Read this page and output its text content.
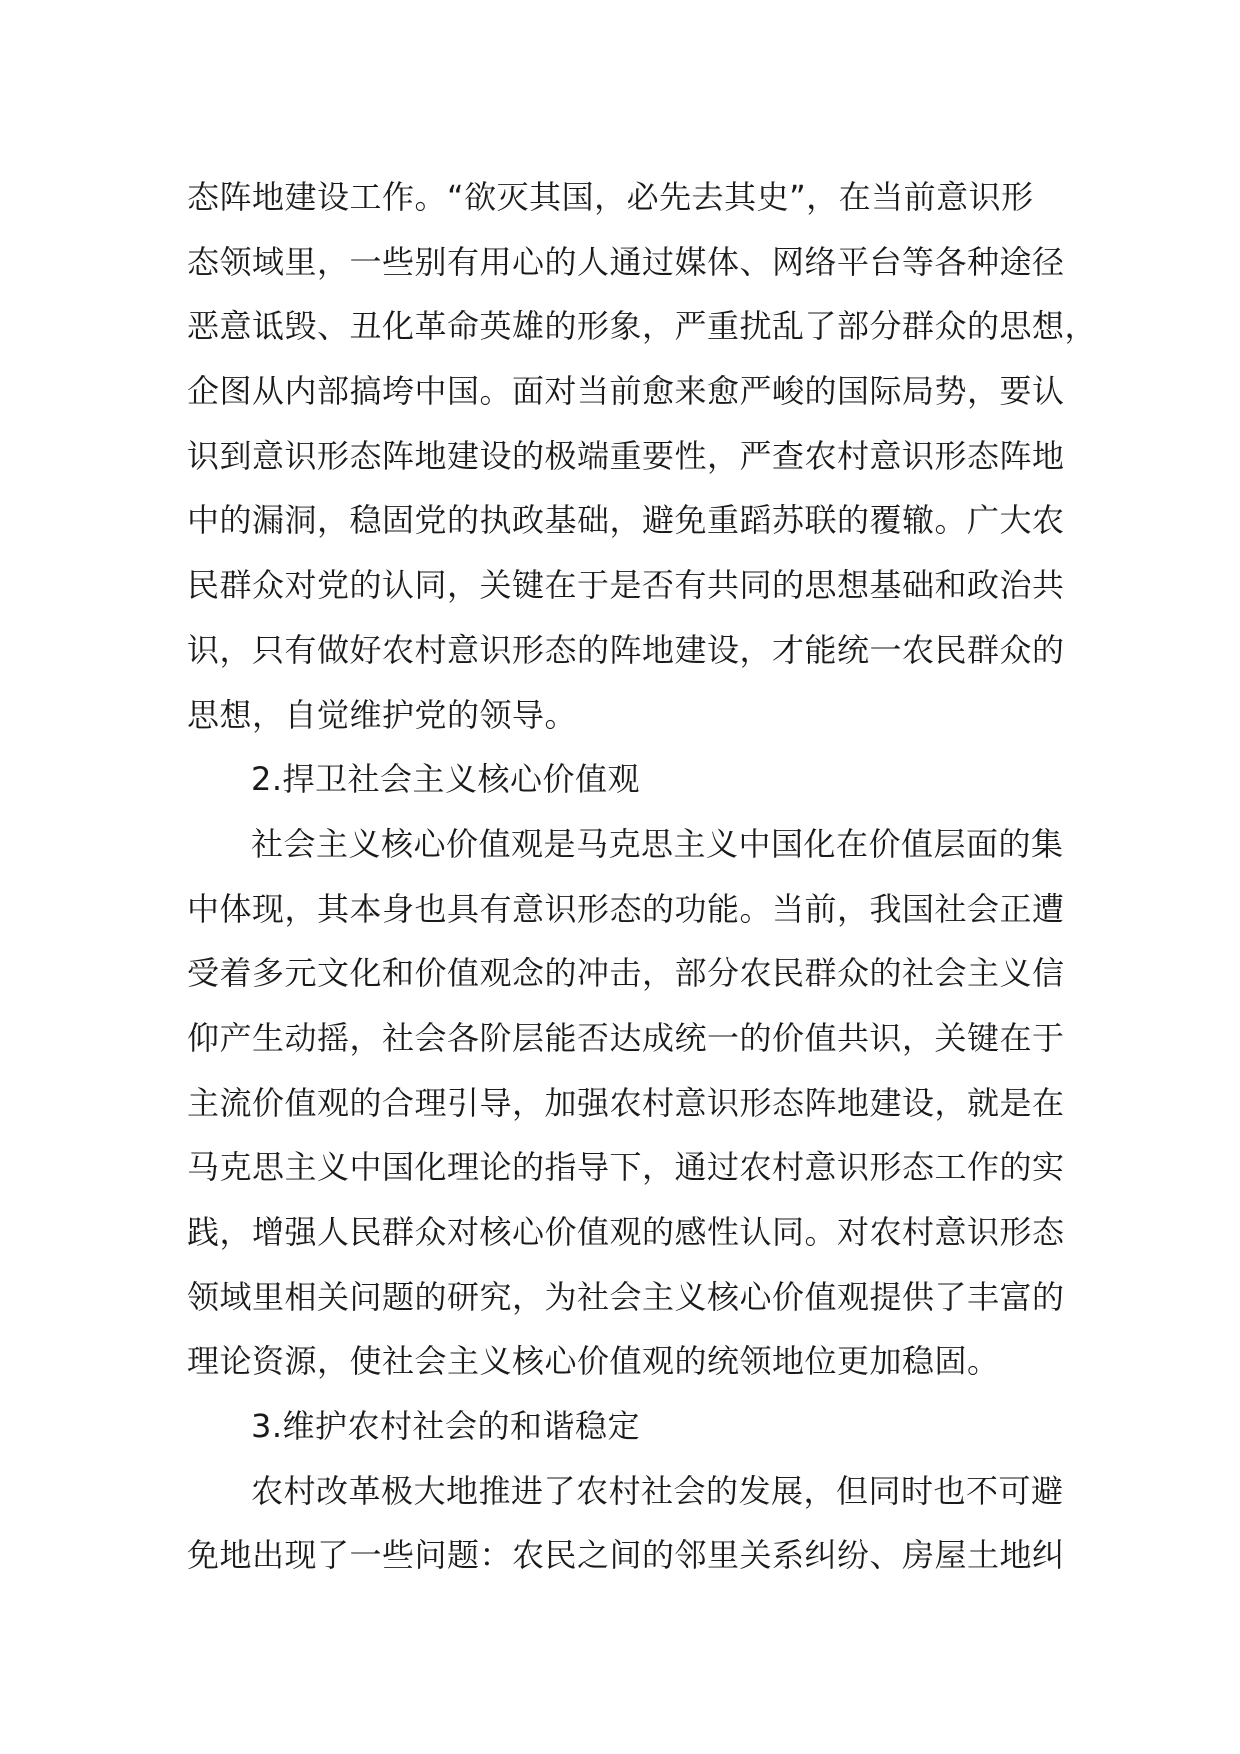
态阵地建设工作。“欲灭其国，必先去其史”，在当前意识形
态领域里，一些别有用心的人通过媒体、网络平台等各种途径
恶意诋毁、丑化革命英雄的形象，严重扰乱了部分群众的思想，
企图从内部搞垮中国。面对当前愈来愈严峻的国际局势，要认
识到意识形态阵地建设的极端重要性，严查农村意识形态阵地
中的漏洞，稳固党的执政基础，避免重蹈苏联的覆辙。广大农
民群众对党的认同，关键在于是否有共同的思想基础和政治共
识，只有做好农村意识形态的阵地建设，才能统一农民群众的
思想，自觉维护党的领导。
2.捍卫社会主义核心价值观
社会主义核心价值观是马克思主义中国化在价值层面的集
中体现，其本身也具有意识形态的功能。当前，我国社会正遭
受着多元文化和价值观念的冲击，部分农民群众的社会主义信
仰产生动摇，社会各阶层能否达成统一的价值共识，关键在于
主流价值观的合理引导，加强农村意识形态阵地建设，就是在
马克思主义中国化理论的指导下，通过农村意识形态工作的实
践，增强人民群众对核心价值观的感性认同。对农村意识形态
领域里相关问题的研究，为社会主义核心价值观提供了丰富的
理论资源，使社会主义核心价值观的统领地位更加稳固。
3.维护农村社会的和谐稳定
农村改革极大地推进了农村社会的发展，但同时也不可避
免地出现了一些问题：农民之间的邻里关系纠纷、房屋土地纠
